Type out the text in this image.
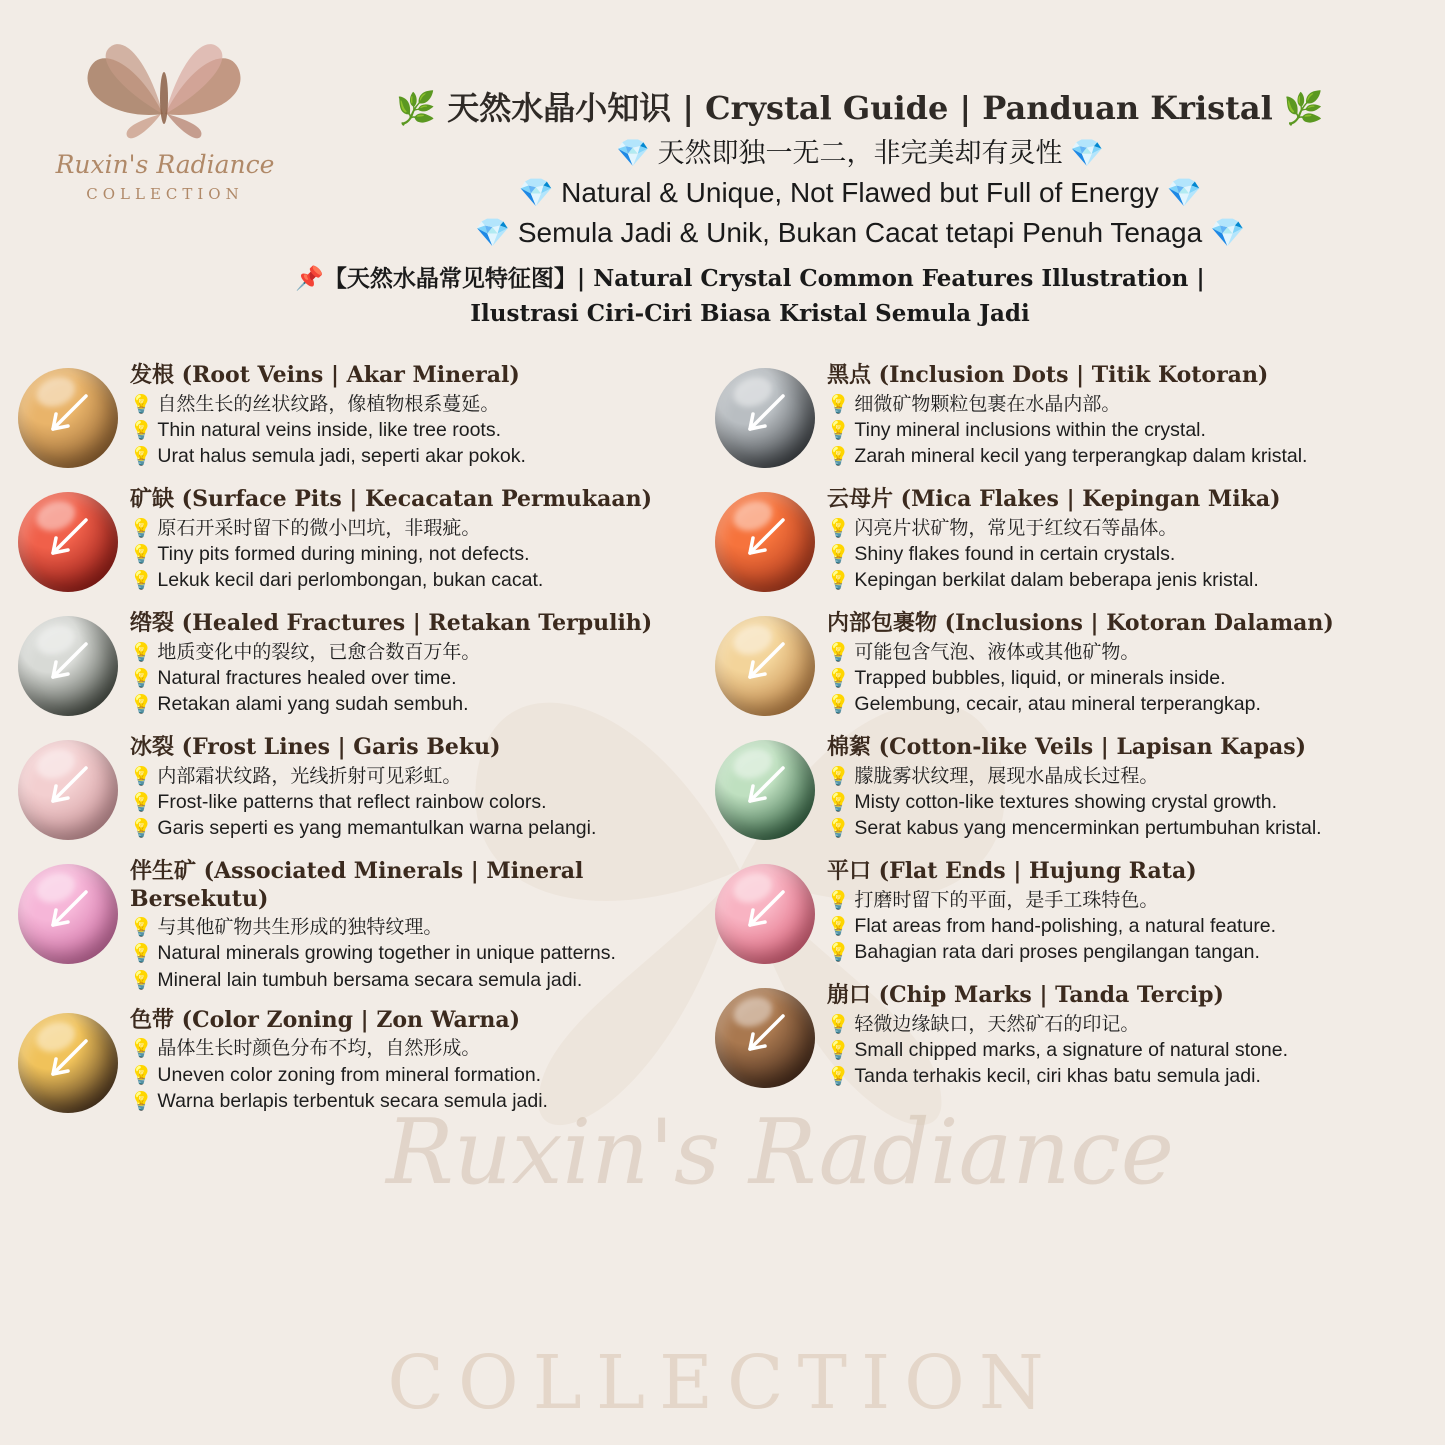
Ruxin's Radiance
COLLECTION
Ruxin's Radiance
COLLECTION
🌿 天然水晶小知识 | Crystal Guide | Panduan Kristal 🌿
💎 天然即独一无二，非完美却有灵性 💎
💎 Natural & Unique, Not Flawed but Full of Energy 💎
💎 Semula Jadi & Unik, Bukan Cacat tetapi Penuh Tenaga 💎
📌【天然水晶常见特征图】| Natural Crystal Common Features Illustration |
Ilustrasi Ciri-Ciri Biasa Kristal Semula Jadi
发根 (Root Veins | Akar Mineral)
💡 自然生长的丝状纹路，像植物根系蔓延。
💡 Thin natural veins inside, like tree roots.
💡 Urat halus semula jadi, seperti akar pokok.
矿缺 (Surface Pits | Kecacatan Permukaan)
💡 原石开采时留下的微小凹坑，非瑕疵。
💡 Tiny pits formed during mining, not defects.
💡 Lekuk kecil dari perlombongan, bukan cacat.
绺裂 (Healed Fractures | Retakan Terpulih)
💡 地质变化中的裂纹，已愈合数百万年。
💡 Natural fractures healed over time.
💡 Retakan alami yang sudah sembuh.
冰裂 (Frost Lines | Garis Beku)
💡 内部霜状纹路，光线折射可见彩虹。
💡 Frost-like patterns that reflect rainbow colors.
💡 Garis seperti es yang memantulkan warna pelangi.
伴生矿 (Associated Minerals | Mineral Bersekutu)
💡 与其他矿物共生形成的独特纹理。
💡 Natural minerals growing together in unique patterns.
💡 Mineral lain tumbuh bersama secara semula jadi.
色带 (Color Zoning | Zon Warna)
💡 晶体生长时颜色分布不均，自然形成。
💡 Uneven color zoning from mineral formation.
💡 Warna berlapis terbentuk secara semula jadi.
黑点 (Inclusion Dots | Titik Kotoran)
💡 细微矿物颗粒包裹在水晶内部。
💡 Tiny mineral inclusions within the crystal.
💡 Zarah mineral kecil yang terperangkap dalam kristal.
云母片 (Mica Flakes | Kepingan Mika)
💡 闪亮片状矿物，常见于红纹石等晶体。
💡 Shiny flakes found in certain crystals.
💡 Kepingan berkilat dalam beberapa jenis kristal.
内部包裹物 (Inclusions | Kotoran Dalaman)
💡 可能包含气泡、液体或其他矿物。
💡 Trapped bubbles, liquid, or minerals inside.
💡 Gelembung, cecair, atau mineral terperangkap.
棉絮 (Cotton-like Veils | Lapisan Kapas)
💡 朦胧雾状纹理，展现水晶成长过程。
💡 Misty cotton-like textures showing crystal growth.
💡 Serat kabus yang mencerminkan pertumbuhan kristal.
平口 (Flat Ends | Hujung Rata)
💡 打磨时留下的平面，是手工珠特色。
💡 Flat areas from hand-polishing, a natural feature.
💡 Bahagian rata dari proses pengilangan tangan.
崩口 (Chip Marks | Tanda Tercip)
💡 轻微边缘缺口，天然矿石的印记。
💡 Small chipped marks, a signature of natural stone.
💡 Tanda terhakis kecil, ciri khas batu semula jadi.
